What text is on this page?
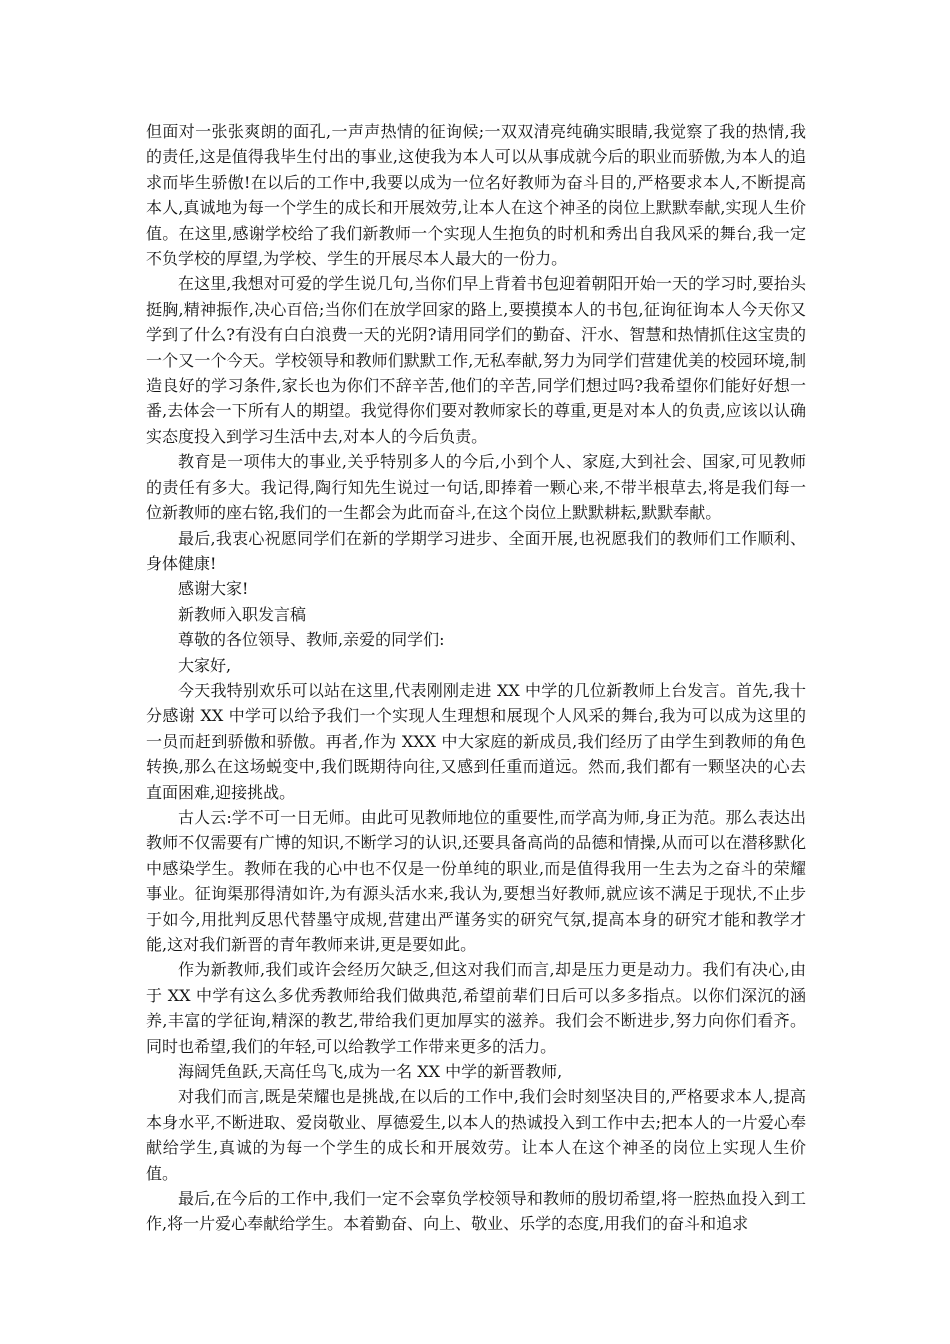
但面对一张张爽朗的面孔,一声声热情的征询候;一双双清亮纯确实眼睛,我觉察了我的热情,我的责任,这是值得我毕生付出的事业,这使我为本人可以从事成就今后的职业而骄傲,为本人的追求而毕生骄傲!在以后的工作中,我要以成为一位名好教师为奋斗目的,严格要求本人,不断提高本人,真诚地为每一个学生的成长和开展效劳,让本人在这个神圣的岗位上默默奉献,实现人生价值。在这里,感谢学校给了我们新教师一个实现人生抱负的时机和秀出自我风采的舞台,我一定不负学校的厚望,为学校、学生的开展尽本人最大的一份力。

在这里,我想对可爱的学生说几句,当你们早上背着书包迎着朝阳开始一天的学习时,要抬头挺胸,精神振作,决心百倍;当你们在放学回家的路上,要摸摸本人的书包,征询征询本人今天你又学到了什么?有没有白白浪费一天的光阴?请用同学们的勤奋、汗水、智慧和热情抓住这宝贵的一个又一个今天。学校领导和教师们默默工作,无私奉献,努力为同学们营建优美的校园环境,制造良好的学习条件,家长也为你们不辞辛苦,他们的辛苦,同学们想过吗?我希望你们能好好想一番,去体会一下所有人的期望。我觉得你们要对教师家长的尊重,更是对本人的负责,应该以认确实态度投入到学习生活中去,对本人的今后负责。

教育是一项伟大的事业,关乎特别多人的今后,小到个人、家庭,大到社会、国家,可见教师的责任有多大。我记得,陶行知先生说过一句话,即捧着一颗心来,不带半根草去,将是我们每一位新教师的座右铭,我们的一生都会为此而奋斗,在这个岗位上默默耕耘,默默奉献。

最后,我衷心祝愿同学们在新的学期学习进步、全面开展,也祝愿我们的教师们工作顺利、身体健康!

感谢大家!

新教师入职发言稿

尊敬的各位领导、教师,亲爱的同学们:

大家好,

今天我特别欢乐可以站在这里,代表刚刚走进 XX 中学的几位新教师上台发言。首先,我十分感谢 XX 中学可以给予我们一个实现人生理想和展现个人风采的舞台,我为可以成为这里的一员而赶到骄傲和骄傲。再者,作为 XXX 中大家庭的新成员,我们经历了由学生到教师的角色转换,那么在这场蜕变中,我们既期待向往,又感到任重而道远。然而,我们都有一颗坚决的心去直面困难,迎接挑战。

古人云:学不可一日无师。由此可见教师地位的重要性,而学高为师,身正为范。那么表达出教师不仅需要有广博的知识,不断学习的认识,还要具备高尚的品德和情操,从而可以在潜移默化中感染学生。教师在我的心中也不仅是一份单纯的职业,而是值得我用一生去为之奋斗的荣耀事业。征询渠那得清如许,为有源头活水来,我认为,要想当好教师,就应该不满足于现状,不止步于如今,用批判反思代替墨守成规,营建出严谨务实的研究气氛,提高本身的研究才能和教学才能,这对我们新晋的青年教师来讲,更是要如此。

作为新教师,我们或许会经历欠缺乏,但这对我们而言,却是压力更是动力。我们有决心,由于 XX 中学有这么多优秀教师给我们做典范,希望前辈们日后可以多多指点。以你们深沉的涵养,丰富的学征询,精深的教艺,带给我们更加厚实的滋养。我们会不断进步,努力向你们看齐。同时也希望,我们的年轻,可以给教学工作带来更多的活力。

海阔凭鱼跃,天高任鸟飞,成为一名 XX 中学的新晋教师,

对我们而言,既是荣耀也是挑战,在以后的工作中,我们会时刻坚决目的,严格要求本人,提高本身水平,不断进取、爱岗敬业、厚德爱生,以本人的热诚投入到工作中去;把本人的一片爱心奉献给学生,真诚的为每一个学生的成长和开展效劳。让本人在这个神圣的岗位上实现人生价值。

最后,在今后的工作中,我们一定不会辜负学校领导和教师的殷切希望,将一腔热血投入到工作,将一片爱心奉献给学生。本着勤奋、向上、敬业、乐学的态度,用我们的奋斗和追求
